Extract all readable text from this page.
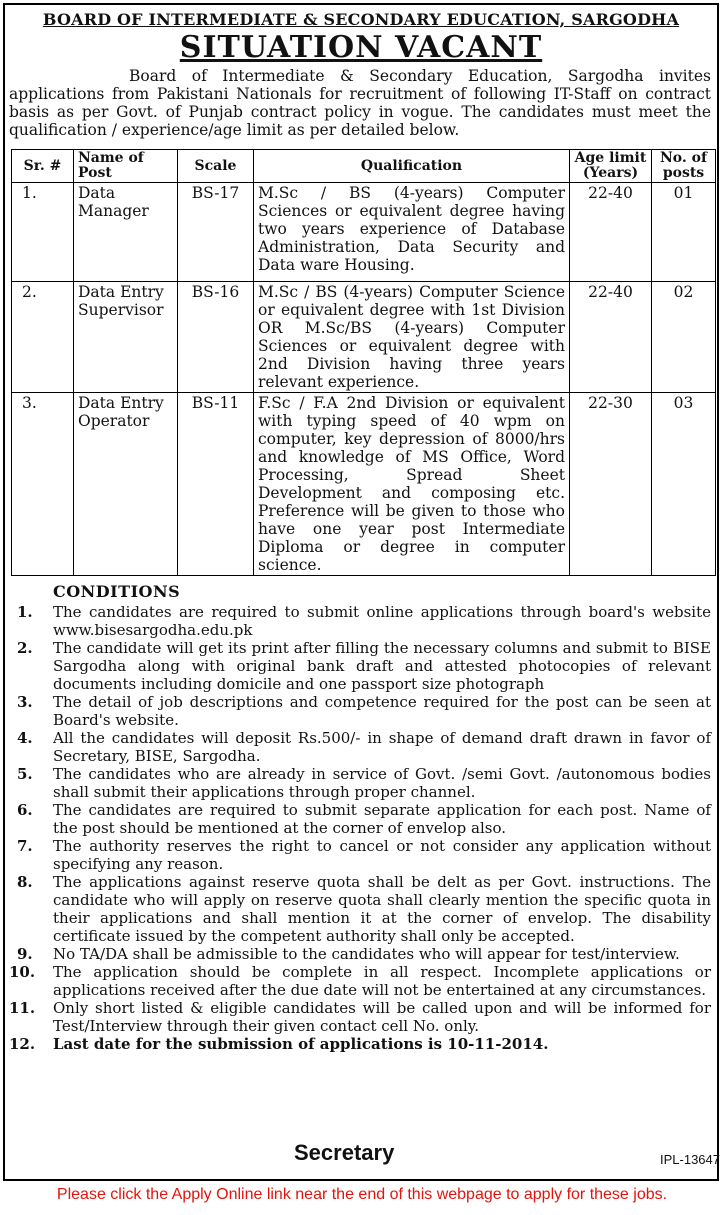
BOARD OF INTERMEDIATE & SECONDARY EDUCATION, SARGODHA
SITUATION VACANT
Board of Intermediate & Secondary Education, Sargodha invites applications from Pakistani Nationals for recruitment of following IT-Staff on contract basis as per Govt. of Punjab contract policy in vogue. The candidates must meet the qualification / experience/age limit as per detailed below.
Sr. #	Name of Post	Scale	Qualification	Age limit (Years)	No. of posts
1.	Data Manager	BS-17	M.Sc / BS (4-years) Computer Sciences or equivalent degree having two years experience of Database Administration, Data Security and Data ware Housing.	22-40	01
2.	Data Entry Supervisor	BS-16	M.Sc / BS (4-years) Computer Science or equivalent degree with 1st Division OR M.Sc/BS (4-years) Computer Sciences or equivalent degree with 2nd Division having three years relevant experience.	22-40	02
3.	Data Entry Operator	BS-11	F.Sc / F.A 2nd Division or equivalent with typing speed of 40 wpm on computer, key depression of 8000/hrs and knowledge of MS Office, Word Processing, Spread Sheet Development and composing etc. Preference will be given to those who have one year post Intermediate Diploma or degree in computer science.	22-30	03
CONDITIONS
1. The candidates are required to submit online applications through board's website www.bisesargodha.edu.pk
2. The candidate will get its print after filling the necessary columns and submit to BISE Sargodha along with original bank draft and attested photocopies of relevant documents including domicile and one passport size photograph
3. The detail of job descriptions and competence required for the post can be seen at Board's website.
4. All the candidates will deposit Rs.500/- in shape of demand draft drawn in favor of Secretary, BISE, Sargodha.
5. The candidates who are already in service of Govt. /semi Govt. /autonomous bodies shall submit their applications through proper channel.
6. The candidates are required to submit separate application for each post. Name of the post should be mentioned at the corner of envelop also.
7. The authority reserves the right to cancel or not consider any application without specifying any reason.
8. The applications against reserve quota shall be delt as per Govt. instructions. The candidate who will apply on reserve quota shall clearly mention the specific quota in their applications and shall mention it at the corner of envelop. The disability certificate issued by the competent authority shall only be accepted.
9. No TA/DA shall be admissible to the candidates who will appear for test/interview.
10. The application should be complete in all respect. Incomplete applications or applications received after the due date will not be entertained at any circumstances.
11. Only short listed & eligible candidates will be called upon and will be informed for Test/Interview through their given contact cell No. only.
12. Last date for the submission of applications is 10-11-2014.
Secretary	IPL-13647
Please click the Apply Online link near the end of this webpage to apply for these jobs.
